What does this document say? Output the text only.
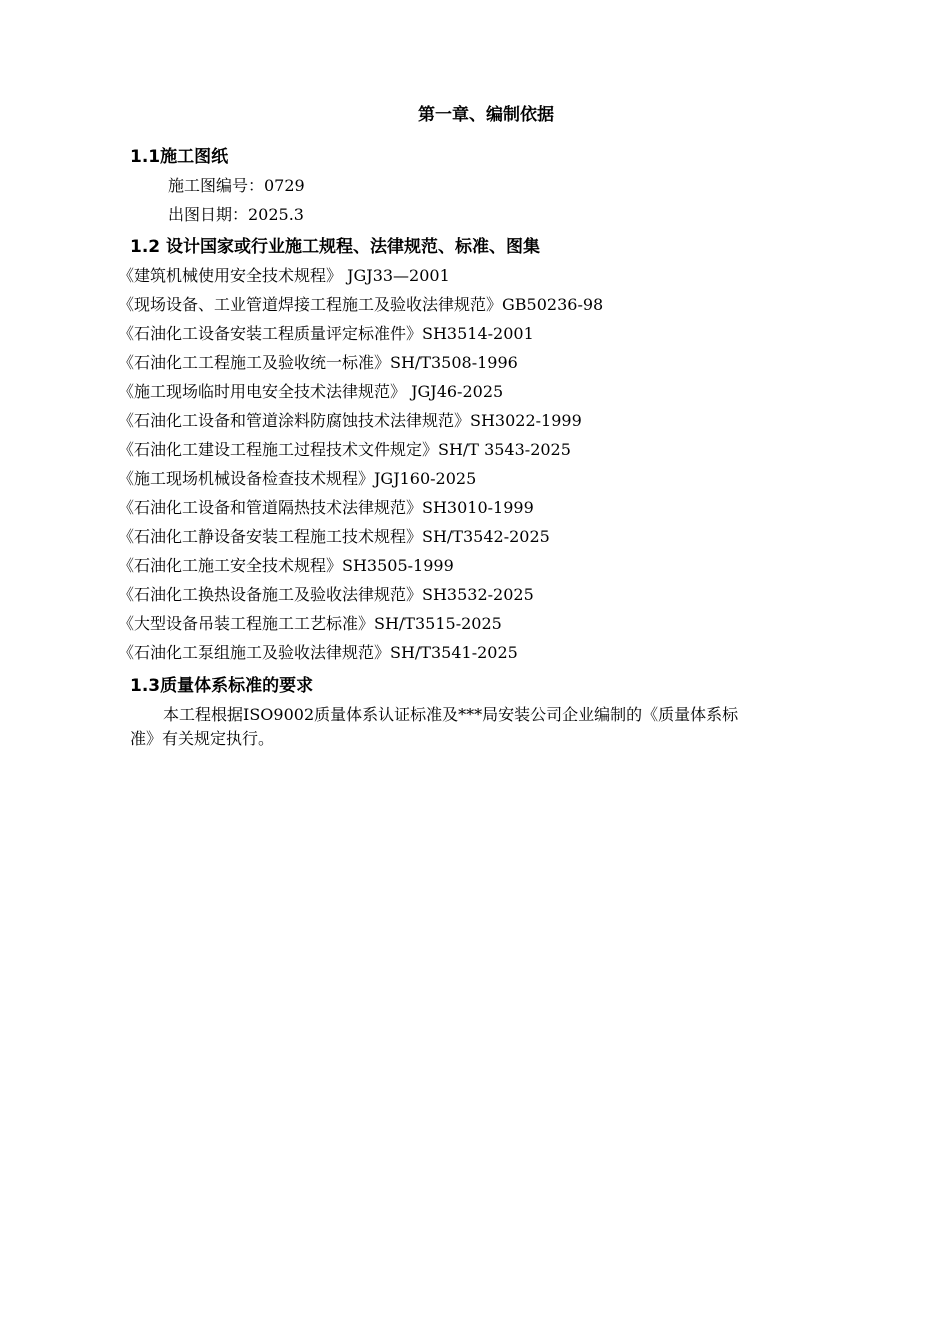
第一章、编制依据
1.1施工图纸
施工图编号：0729
出图日期：2025.3
1.2 设计国家或行业施工规程、法律规范、标准、图集
《建筑机械使用安全技术规程》 JGJ33—2001
《现场设备、工业管道焊接工程施工及验收法律规范》GB50236-98
《石油化工设备安装工程质量评定标准件》SH3514-2001
《石油化工工程施工及验收统一标准》SH/T3508-1996
《施工现场临时用电安全技术法律规范》 JGJ46-2025
《石油化工设备和管道涂料防腐蚀技术法律规范》SH3022-1999
《石油化工建设工程施工过程技术文件规定》SH/T 3543-2025
《施工现场机械设备检查技术规程》JGJ160-2025
《石油化工设备和管道隔热技术法律规范》SH3010-1999
《石油化工静设备安装工程施工技术规程》SH/T3542-2025
《石油化工施工安全技术规程》SH3505-1999
《石油化工换热设备施工及验收法律规范》SH3532-2025
《大型设备吊装工程施工工艺标准》SH/T3515-2025
《石油化工泵组施工及验收法律规范》SH/T3541-2025
1.3质量体系标准的要求
本工程根据ISO9002质量体系认证标准及***局安装公司企业编制的《质量体系标
准》有关规定执行。
